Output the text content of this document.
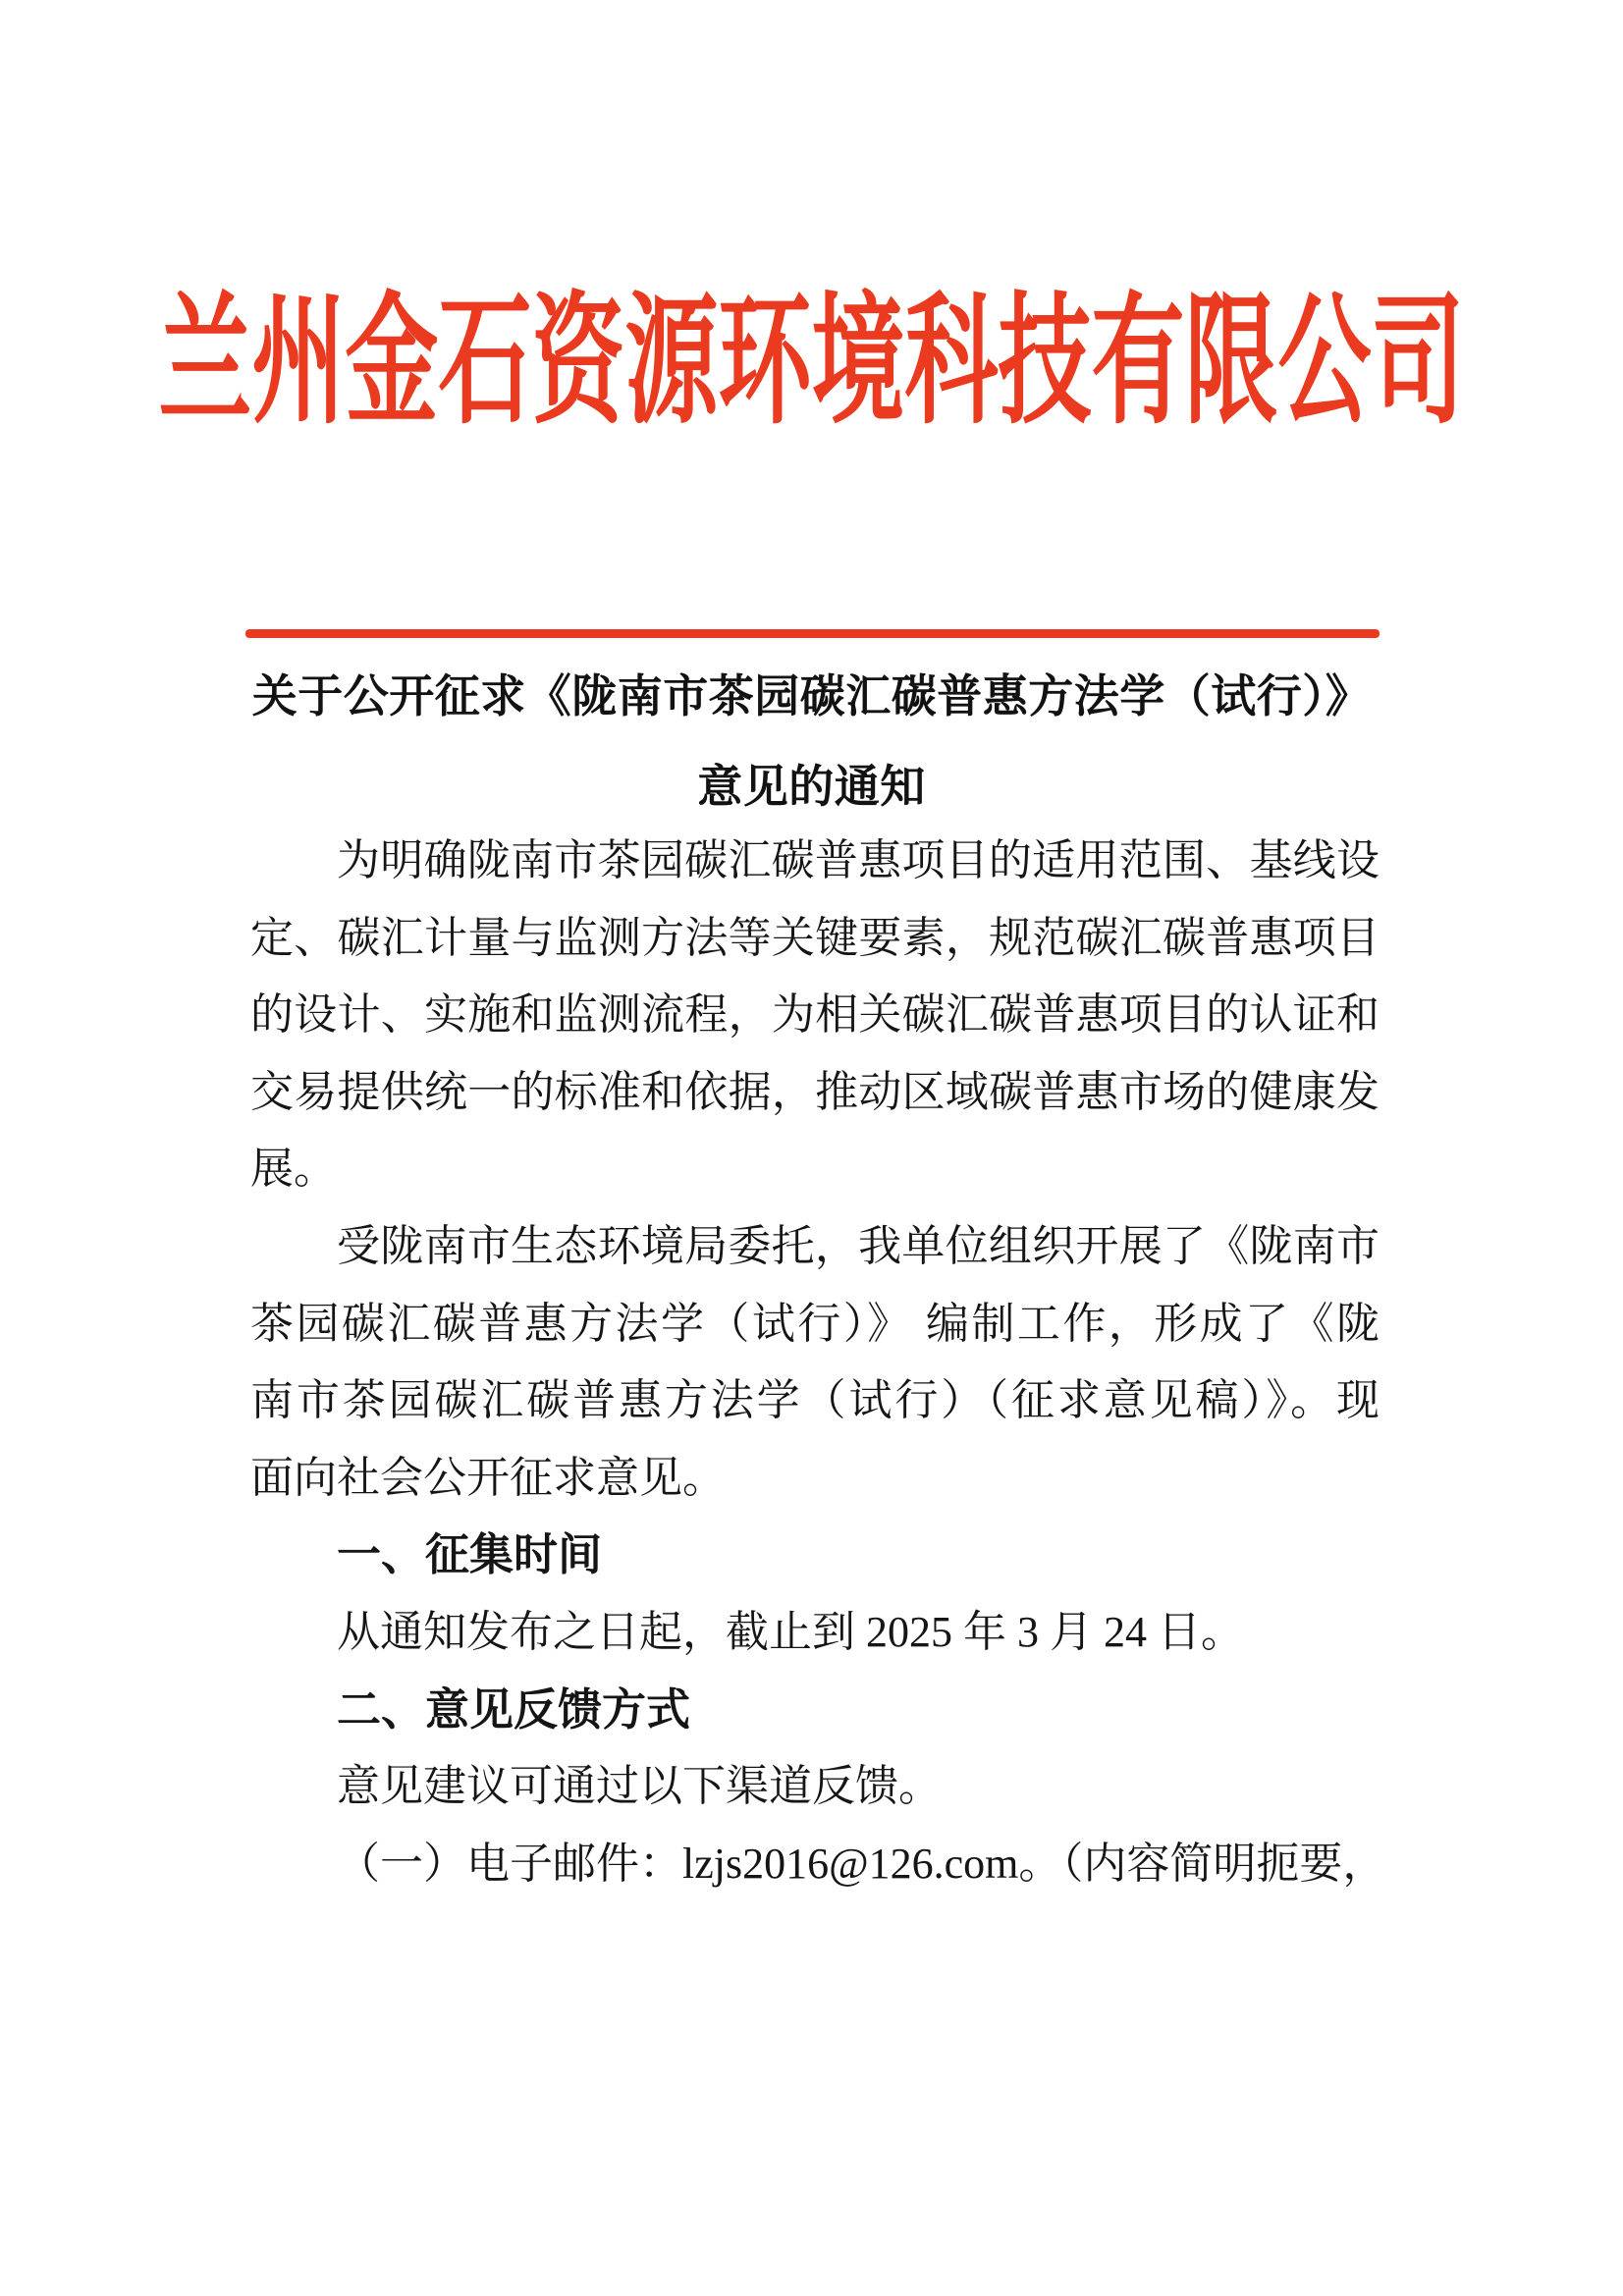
兰州金石资源环境科技有限公司
关于公开征求《陇南市茶园碳汇碳普惠方法学（试行）》
意见的通知
为明确陇南市茶园碳汇碳普惠项目的适用范围、基线设
定、碳汇计量与监测方法等关键要素，规范碳汇碳普惠项目
的设计、实施和监测流程，为相关碳汇碳普惠项目的认证和
交易提供统一的标准和依据，推动区域碳普惠市场的健康发
展。
受陇南市生态环境局委托，我单位组织开展了《陇南市
茶园碳汇碳普惠方法学（试行）》 编制工作，形成了《陇
南市茶园碳汇碳普惠方法学（试行）（征求意见稿）》。现
面向社会公开征求意见。
一、征集时间
从通知发布之日起，截止到 2025 年 3 月 24 日。
二、意见反馈方式
意见建议可通过以下渠道反馈。
（一）电子邮件：lzjs2016@126.com。（内容简明扼要，
